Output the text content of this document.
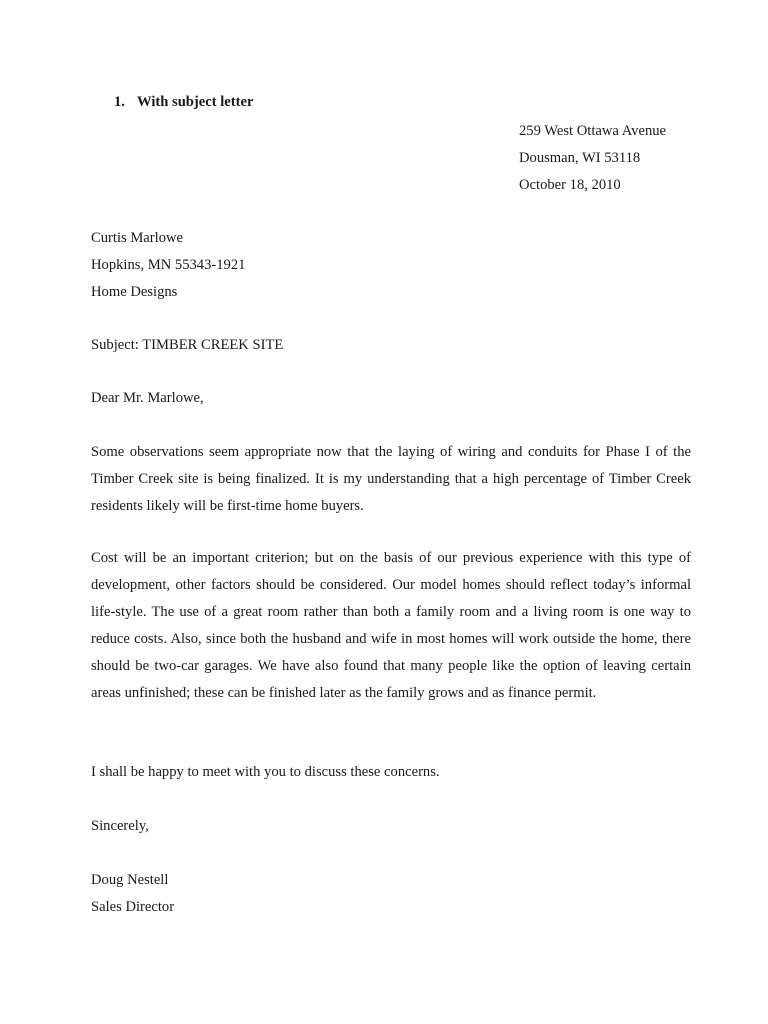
1. With subject letter
259 West Ottawa Avenue
Dousman, WI 53118
October 18, 2010
Curtis Marlowe
Hopkins, MN 55343-1921
Home Designs
Subject: TIMBER CREEK SITE
Dear Mr. Marlowe,
Some observations seem appropriate now that the laying of wiring and conduits for Phase I of the Timber Creek site is being finalized. It is my understanding that a high percentage of Timber Creek residents likely will be first-time home buyers.
Cost will be an important criterion; but on the basis of our previous experience with this type of development, other factors should be considered. Our model homes should reflect today’s informal life-style. The use of a great room rather than both a family room and a living room is one way to reduce costs. Also, since both the husband and wife in most homes will work outside the home, there should be two-car garages. We have also found that many people like the option of leaving certain areas unfinished; these can be finished later as the family grows and as finance permit.
I shall be happy to meet with you to discuss these concerns.
Sincerely,
Doug Nestell
Sales Director
